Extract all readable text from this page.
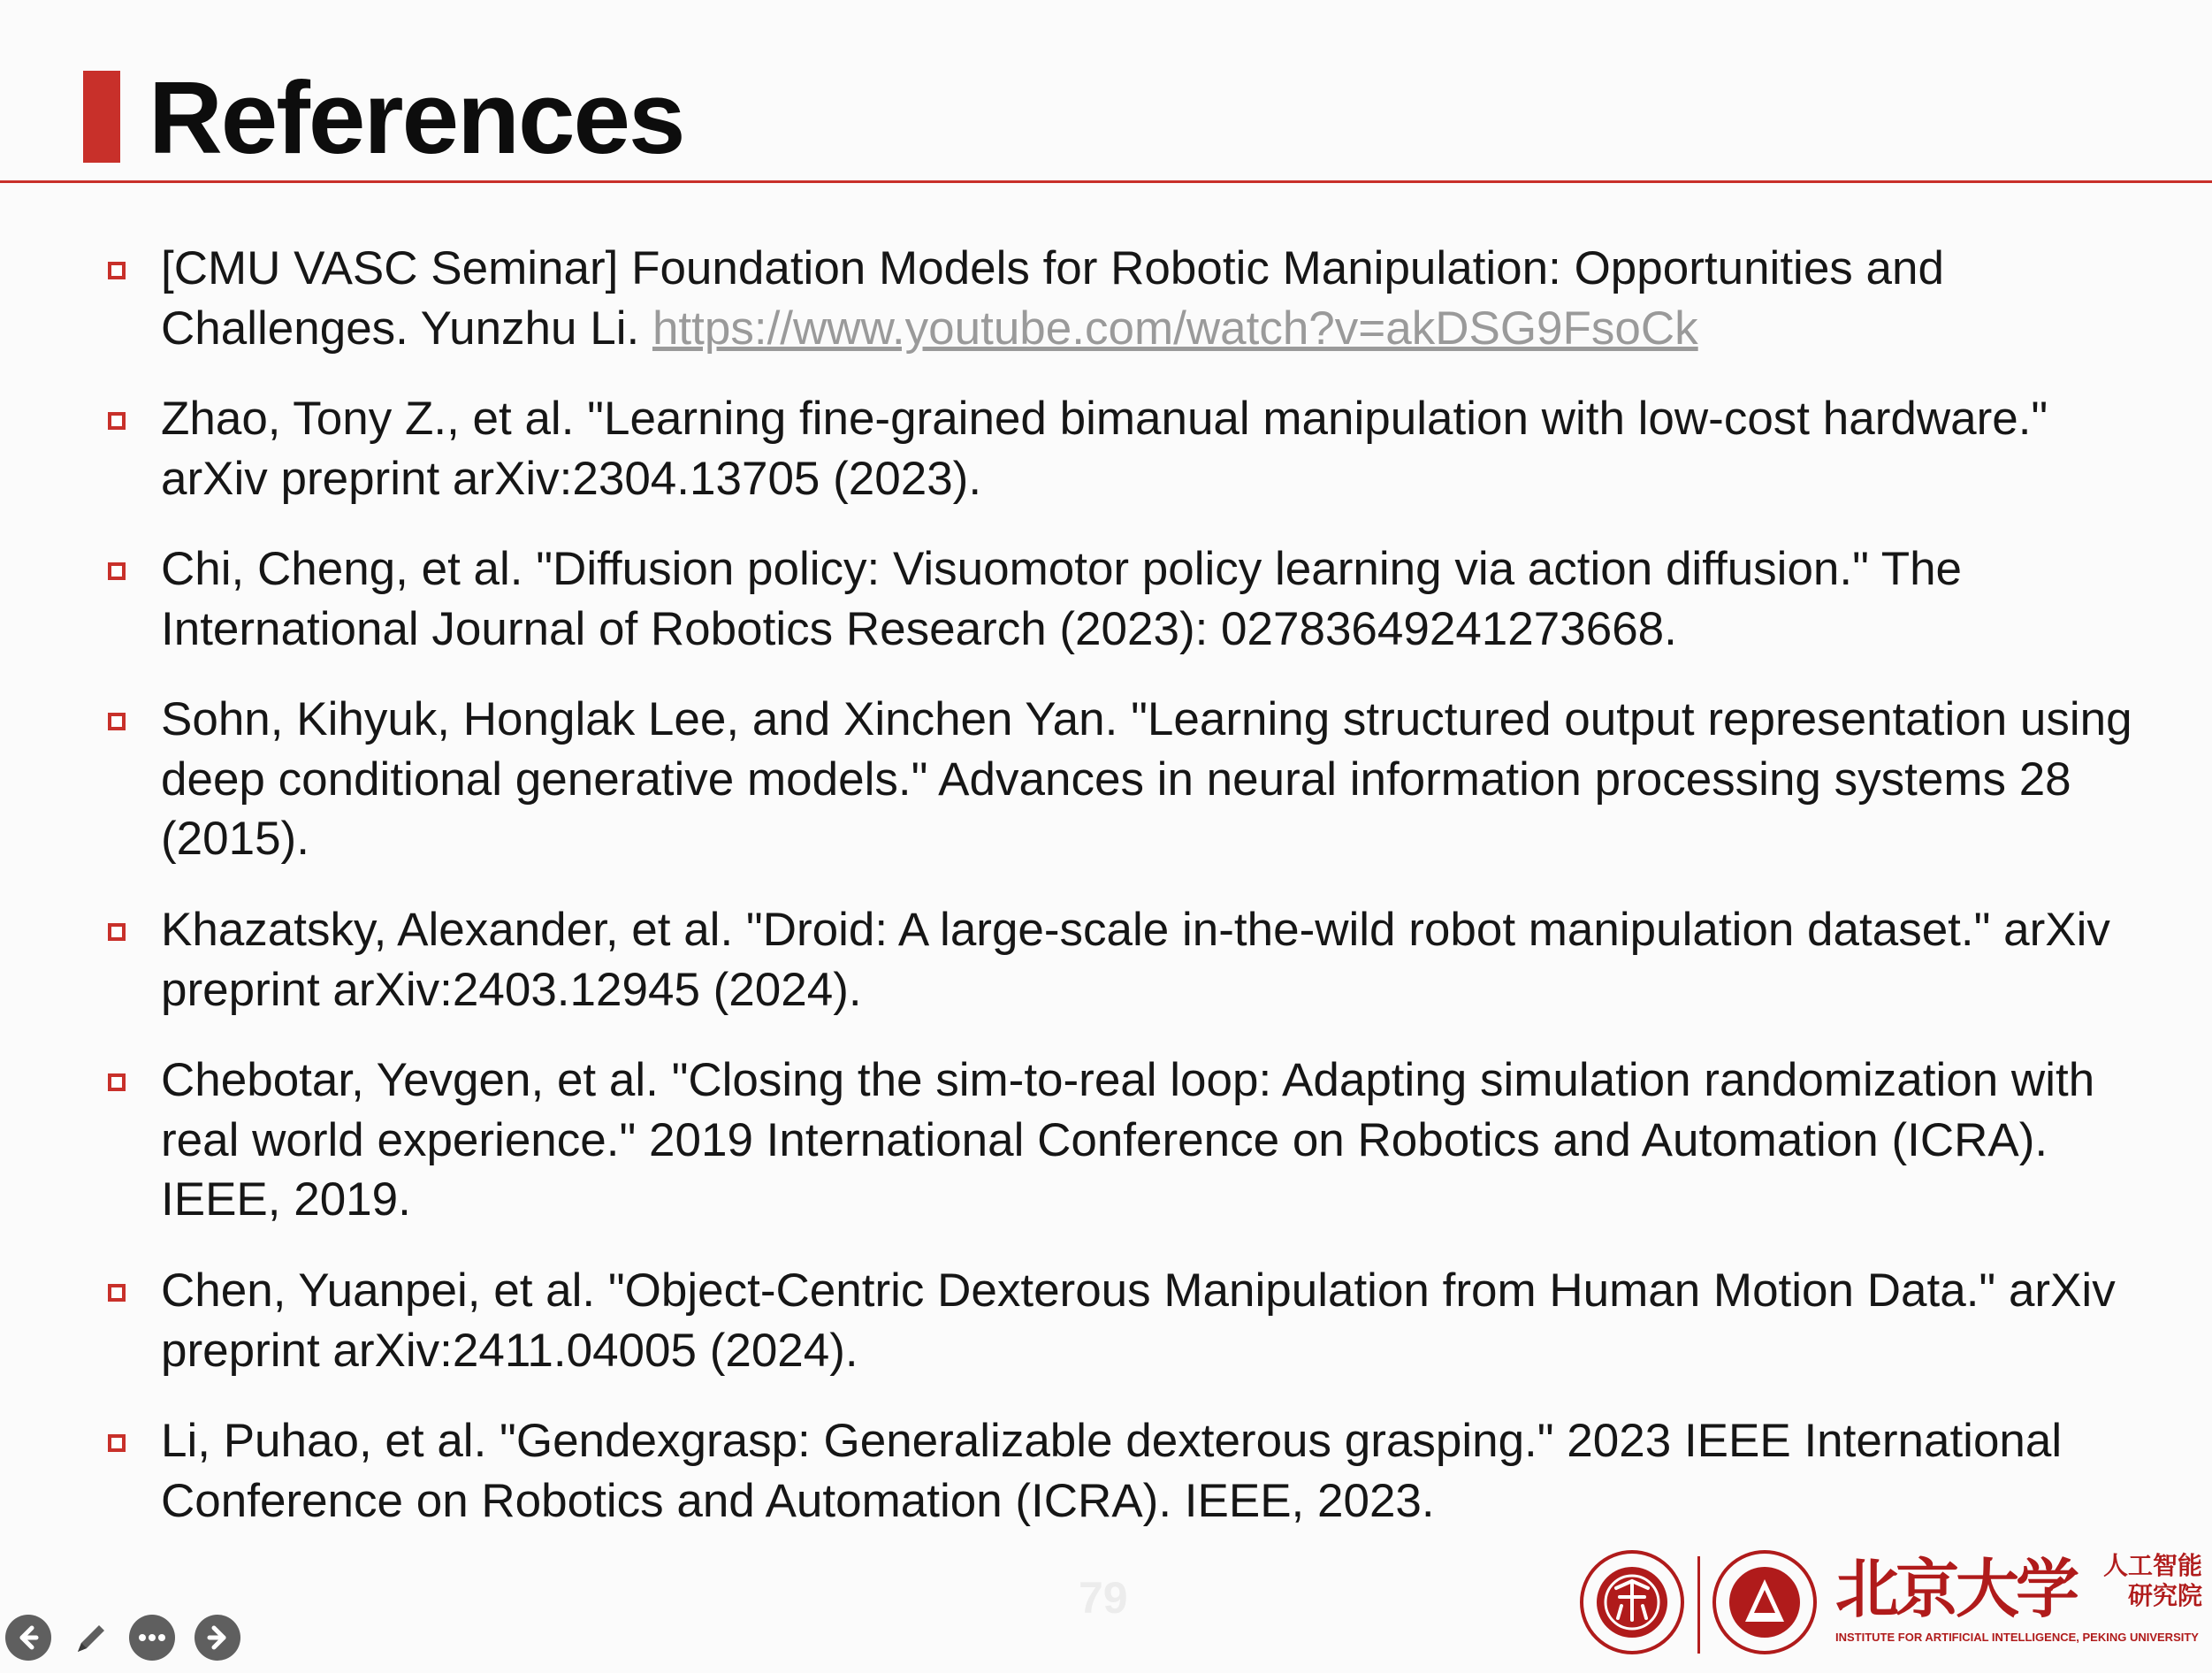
References
[CMU VASC Seminar] Foundation Models for Robotic Manipulation: Opportunities and Challenges. Yunzhu Li. https://www.youtube.com/watch?v=akDSG9FsoCk
Zhao, Tony Z., et al. "Learning fine-grained bimanual manipulation with low-cost hardware." arXiv preprint arXiv:2304.13705 (2023).
Chi, Cheng, et al. "Diffusion policy: Visuomotor policy learning via action diffusion." The International Journal of Robotics Research (2023): 02783649241273668.
Sohn, Kihyuk, Honglak Lee, and Xinchen Yan. "Learning structured output representation using deep conditional generative models." Advances in neural information processing systems 28 (2015).
Khazatsky, Alexander, et al. "Droid: A large-scale in-the-wild robot manipulation dataset." arXiv preprint arXiv:2403.12945 (2024).
Chebotar, Yevgen, et al. "Closing the sim-to-real loop: Adapting simulation randomization with real world experience." 2019 International Conference on Robotics and Automation (ICRA). IEEE, 2019.
Chen, Yuanpei, et al. "Object-Centric Dexterous Manipulation from Human Motion Data." arXiv preprint arXiv:2411.04005 (2024).
Li, Puhao, et al. "Gendexgrasp: Generalizable dexterous grasping." 2023 IEEE International Conference on Robotics and Automation (ICRA). IEEE, 2023.
79	北京大学 人工智能
研究院
INSTITUTE FOR ARTIFICIAL INTELLIGENCE, PEKING UNIVERSITY
